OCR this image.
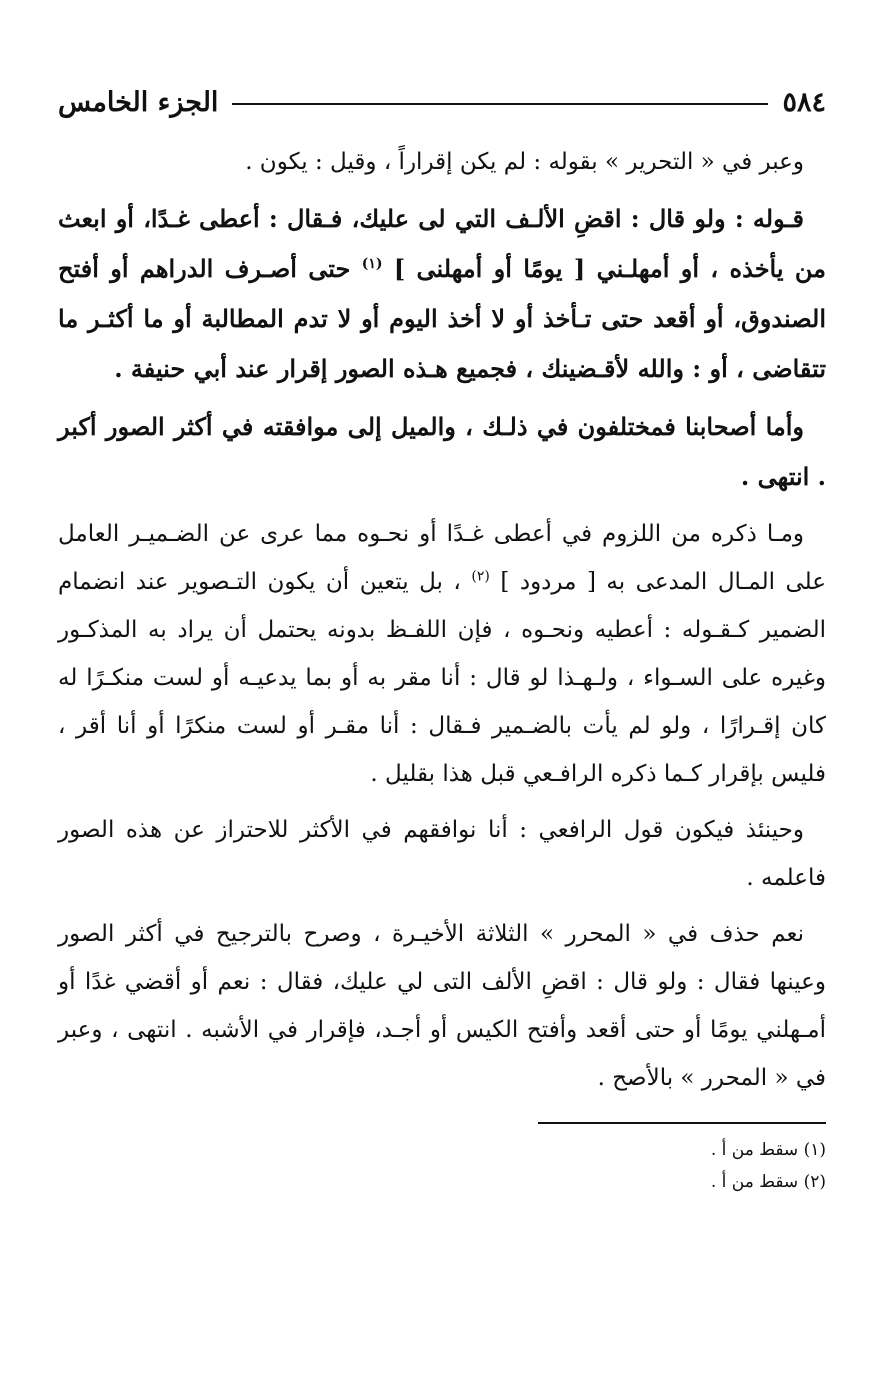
الجزء الخامس	٥٨٤

وعبر في « التحرير » بقوله : لم يكن إقراراً ، وقيل : يكون .

قـوله : ولو قال : اقضِ الألـف التي لى عليك، فـقال : أعطى غـدًا، أو ابعث من يأخذه ، أو أمهلـني [ يومًا أو أمهلنى ] $^{(١)}$ حتى أصـرف الدراهم أو أفتح الصندوق، أو أقعد حتى تـأخذ أو لا أخذ اليوم أو لا تدم المطالبة أو ما أكثـر ما تتقاضى ، أو : والله لأقـضينك ، فجميع هـذه الصور إقرار عند أبي حنيفة .

وأما أصحابنا فمختلفون في ذلـك ، والميل إلى موافقته في أكثر الصور أكبر . انتهى .

ومـا ذكره من اللزوم في أعطى غـدًا أو نحـوه مما عرى عن الضـميـر العامل على المـال المدعى به [ مردود ] $^{(٢)}$ ، بل يتعين أن يكون التـصوير عند انضمام الضمير كـقـوله : أعطيه ونحـوه ، فإن اللفـظ بدونه يحتمل أن يراد به المذكـور وغيره على السـواء ، ولـهـذا لو قال : أنا مقر به أو بما يدعيـه أو لست منكـرًا له كان إقـرارًا ، ولو لم يأت بالضـمير فـقال : أنا مقـر أو لست منكرًا أو أنا أقر ، فليس بإقرار كـما ذكره الرافـعي قبل هذا بقليل .

وحينئذ فيكون قول الرافعي : أنا نوافقهم في الأكثر للاحتراز عن هذه الصور فاعلمه .

نعم حذف في « المحرر » الثلاثة الأخيـرة ، وصرح بالترجيح في أكثر الصور وعينها فقال : ولو قال : اقضِ الألف التى لي عليك، فقال : نعم أو أقضي غدًا أو أمـهلني يومًا أو حتى أقعد وأفتح الكيس أو أجـد، فإقرار في الأشبه . انتهى ، وعبر في « المحرر » بالأصح .

(١) سقط من أ .
(٢) سقط من أ .
